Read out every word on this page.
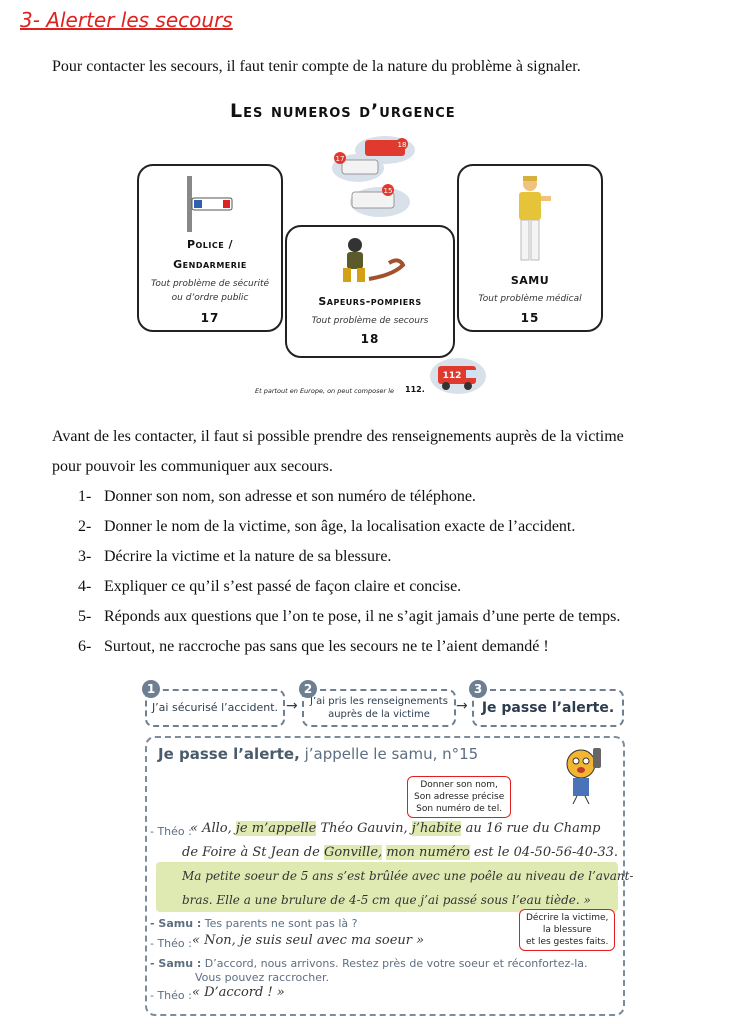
3- Alerter les secours
Pour contacter les secours, il faut tenir compte de la nature du problème à signaler.
Les numeros d’urgence
18
17
15
Police /
Gendarmerie
Tout problème de sécurité
ou d’ordre public
17
Sapeurs-pompiers
Tout problème de secours
18
SAMU
Tout problème médical
15
112
Et partout en Europe, on peut composer le 112.
Avant de les contacter, il faut si possible prendre des renseignements auprès de la victime
pour pouvoir les communiquer aux secours.
1- Donner son nom, son adresse et son numéro de téléphone.
2- Donner le nom de la victime, son âge, la localisation exacte de l’accident.
3- Décrire la victime et la nature de sa blessure.
4- Expliquer ce qu’il s’est passé de façon claire et concise.
5- Réponds aux questions que l’on te pose, il ne s’agit jamais d’une perte de temps.
6- Surtout, ne raccroche pas sans que les secours ne te l’aient demandé !
J’ai sécurisé l’accident.
1
→	J’ai pris les renseignements
auprès de la victime
2
→	Je passe l’alerte.
3
Je passe l’alerte, j’appelle le samu, n°15
Donner son nom,
Son adresse précise
Son numéro de tel.
- Théo :
« Allo, je m’appelle Théo Gauvin, j’habite au 16 rue du Champ
de Foire à St Jean de Gonville, mon numéro est le 04-50-56-40-33.
Ma petite soeur de 5 ans s’est brûlée avec une poêle au niveau de l’avant-
bras. Elle a une brulure de 4-5 cm que j’ai passé sous l’eau tiède. »
Décrire la victime,
la blessure
et les gestes faits.
- Samu : Tes parents ne sont pas là ?
- Théo : « Non, je suis seul avec ma soeur »
- Samu : D’accord, nous arrivons. Restez près de votre soeur et réconfortez-la.
Vous pouvez raccrocher.
- Théo : « D’accord ! »
